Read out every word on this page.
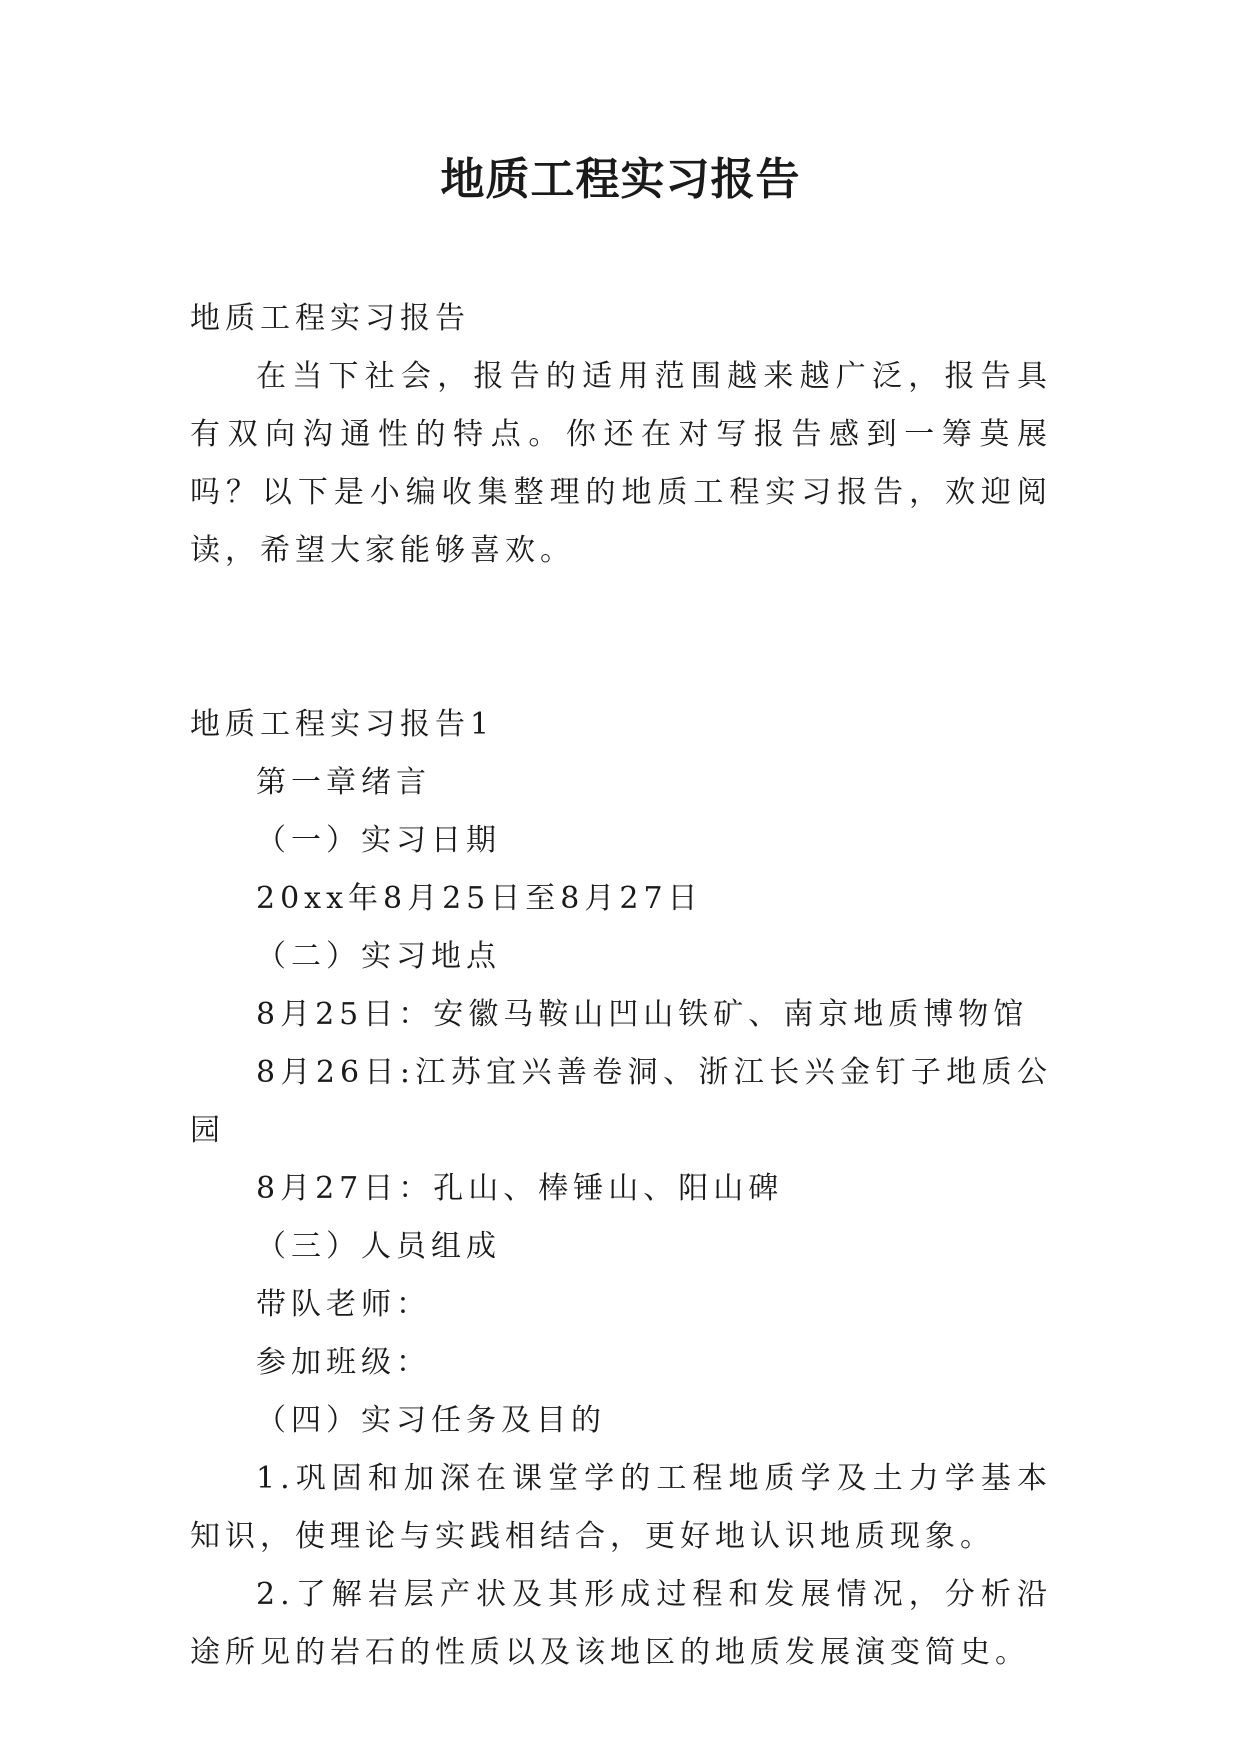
地质工程实习报告

地质工程实习报告

在当下社会，报告的适用范围越来越广泛，报告具有双向沟通性的特点。你还在对写报告感到一筹莫展吗？以下是小编收集整理的地质工程实习报告，欢迎阅读，希望大家能够喜欢。

地质工程实习报告1

第一章绪言

（一）实习日期

20xx年8月25日至8月27日

（二）实习地点

8月25日：安徽马鞍山凹山铁矿、南京地质博物馆

8月26日:江苏宜兴善卷洞、浙江长兴金钉子地质公园

8月27日：孔山、棒锤山、阳山碑

（三）人员组成

带队老师：

参加班级：

（四）实习任务及目的

1.巩固和加深在课堂学的工程地质学及土力学基本知识，使理论与实践相结合，更好地认识地质现象。

2.了解岩层产状及其形成过程和发展情况，分析沿途所见的岩石的性质以及该地区的地质发展演变简史。
